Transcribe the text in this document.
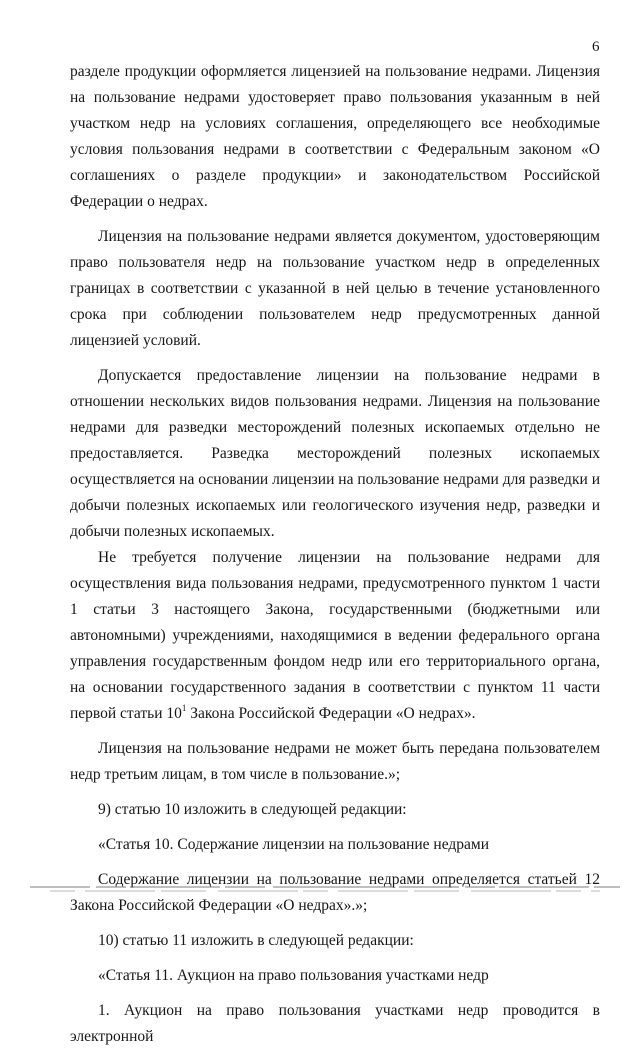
6

разделе продукции оформляется лицензией на пользование недрами. Лицензия на пользование недрами удостоверяет право пользования указанным в ней участком недр на условиях соглашения, определяющего все необходимые условия пользования недрами в соответствии с Федеральным законом «О соглашениях о разделе продукции» и законодательством Российской Федерации о недрах.

Лицензия на пользование недрами является документом, удостоверяющим право пользователя недр на пользование участком недр в определенных границах в соответствии с указанной в ней целью в течение установленного срока при соблюдении пользователем недр предусмотренных данной лицензией условий.

Допускается предоставление лицензии на пользование недрами в отношении нескольких видов пользования недрами. Лицензия на пользование недрами для разведки месторождений полезных ископаемых отдельно не предоставляется. Разведка месторождений полезных ископаемых осуществляется на основании лицензии на пользование недрами для разведки и добычи полезных ископаемых или геологического изучения недр, разведки и добычи полезных ископаемых.

Не требуется получение лицензии на пользование недрами для осуществления вида пользования недрами, предусмотренного пунктом 1 части 1 статьи 3 настоящего Закона, государственными (бюджетными или автономными) учреждениями, находящимися в ведении федерального органа управления государственным фондом недр или его территориального органа, на основании государственного задания в соответствии с пунктом 11 части первой статьи $10^1$ Закона Российской Федерации «О недрах».

Лицензия на пользование недрами не может быть передана пользователем недр третьим лицам, в том числе в пользование.»;

9) статью 10 изложить в следующей редакции:

«Статья 10. Содержание лицензии на пользование недрами

Содержание лицензии на пользование недрами определяется статьей 12 Закона Российской Федерации «О недрах».»;

10) статью 11 изложить в следующей редакции:

«Статья 11. Аукцион на право пользования участками недр

1. Аукцион на право пользования участками недр проводится в электронной
